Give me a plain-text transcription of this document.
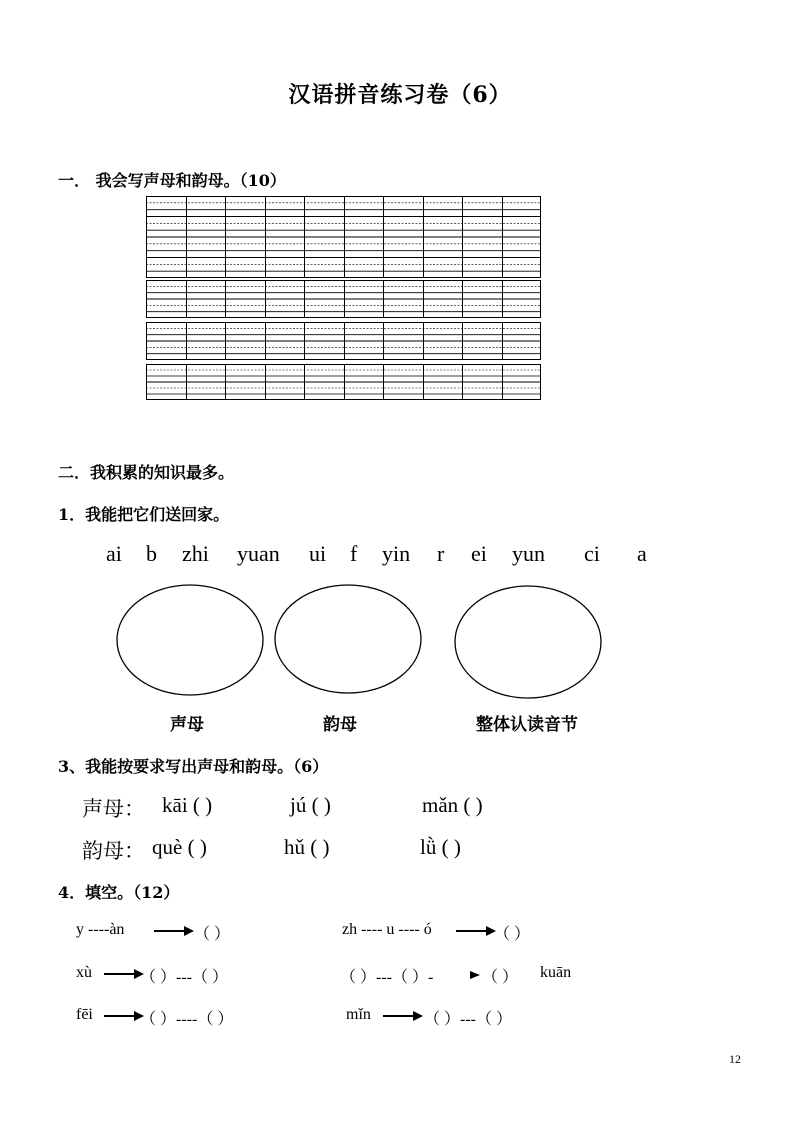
汉语拼音练习卷（6）
一． 我会写声母和韵母。（10）
二．我积累的知识最多。
1．我能把它们送回家。
ai b zhi yuan ui f yin r ei yun ci a
声母	韵母	整体认读音节
3、我能按要求写出声母和韵母。（6）
声母： kāi ( )	jú ( )	mǎn ( )
韵母： què ( )	hǔ ( )	lǜ ( )
4．填空。（12）
y ----àn	（ ）	zh ---- u ---- ó	（ ）
xù	（ ）---（ ）	（ ）---（ ）-	（ ） kuān
fēi	（ ）----（ ）	mǐn	（ ）---（ ）
12
